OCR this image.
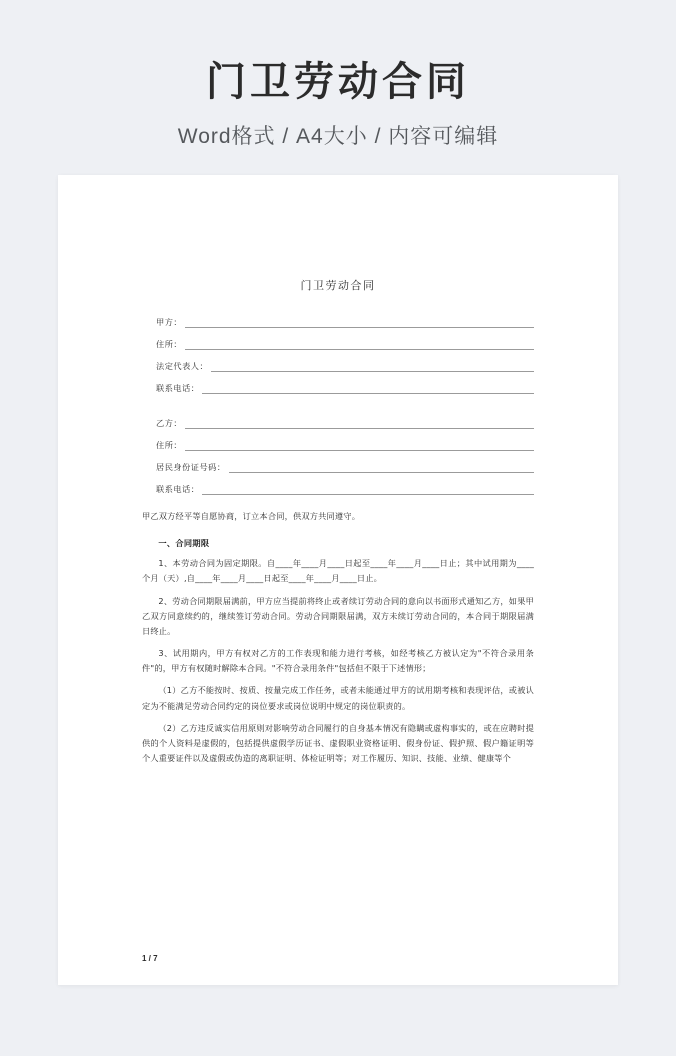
门卫劳动合同
Word格式 / A4大小 / 内容可编辑
门卫劳动合同
甲方：
住所：
法定代表人：
联系电话：
乙方：
住所：
居民身份证号码：
联系电话：

甲乙双方经平等自愿协商，订立本合同，供双方共同遵守。

一、合同期限

1、本劳动合同为固定期限。自____年____月____日起至____年____月____日止；其中试用期为____个月（天）,自____年____月____日起至____年____月____日止。

2、劳动合同期限届满前，甲方应当提前将终止或者续订劳动合同的意向以书面形式通知乙方，如果甲乙双方同意续约的，继续签订劳动合同。劳动合同期限届满，双方未续订劳动合同的，本合同于期限届满日终止。

3、试用期内，甲方有权对乙方的工作表现和能力进行考核，如经考核乙方被认定为"不符合录用条件"的，甲方有权随时解除本合同。"不符合录用条件"包括但不限于下述情形；

（1）乙方不能按时、按质、按量完成工作任务，或者未能通过甲方的试用期考核和表现评估，或被认定为不能满足劳动合同约定的岗位要求或岗位说明中规定的岗位职责的。

（2）乙方违反诚实信用原则对影响劳动合同履行的自身基本情况有隐瞒或虚构事实的，或在应聘时提供的个人资料是虚假的，包括提供虚假学历证书、虚假职业资格证明、假身份证、假护照、假户籍证明等个人重要证件以及虚假或伪造的离职证明、体检证明等；对工作履历、知识、技能、业绩、健康等个

1 / 7
